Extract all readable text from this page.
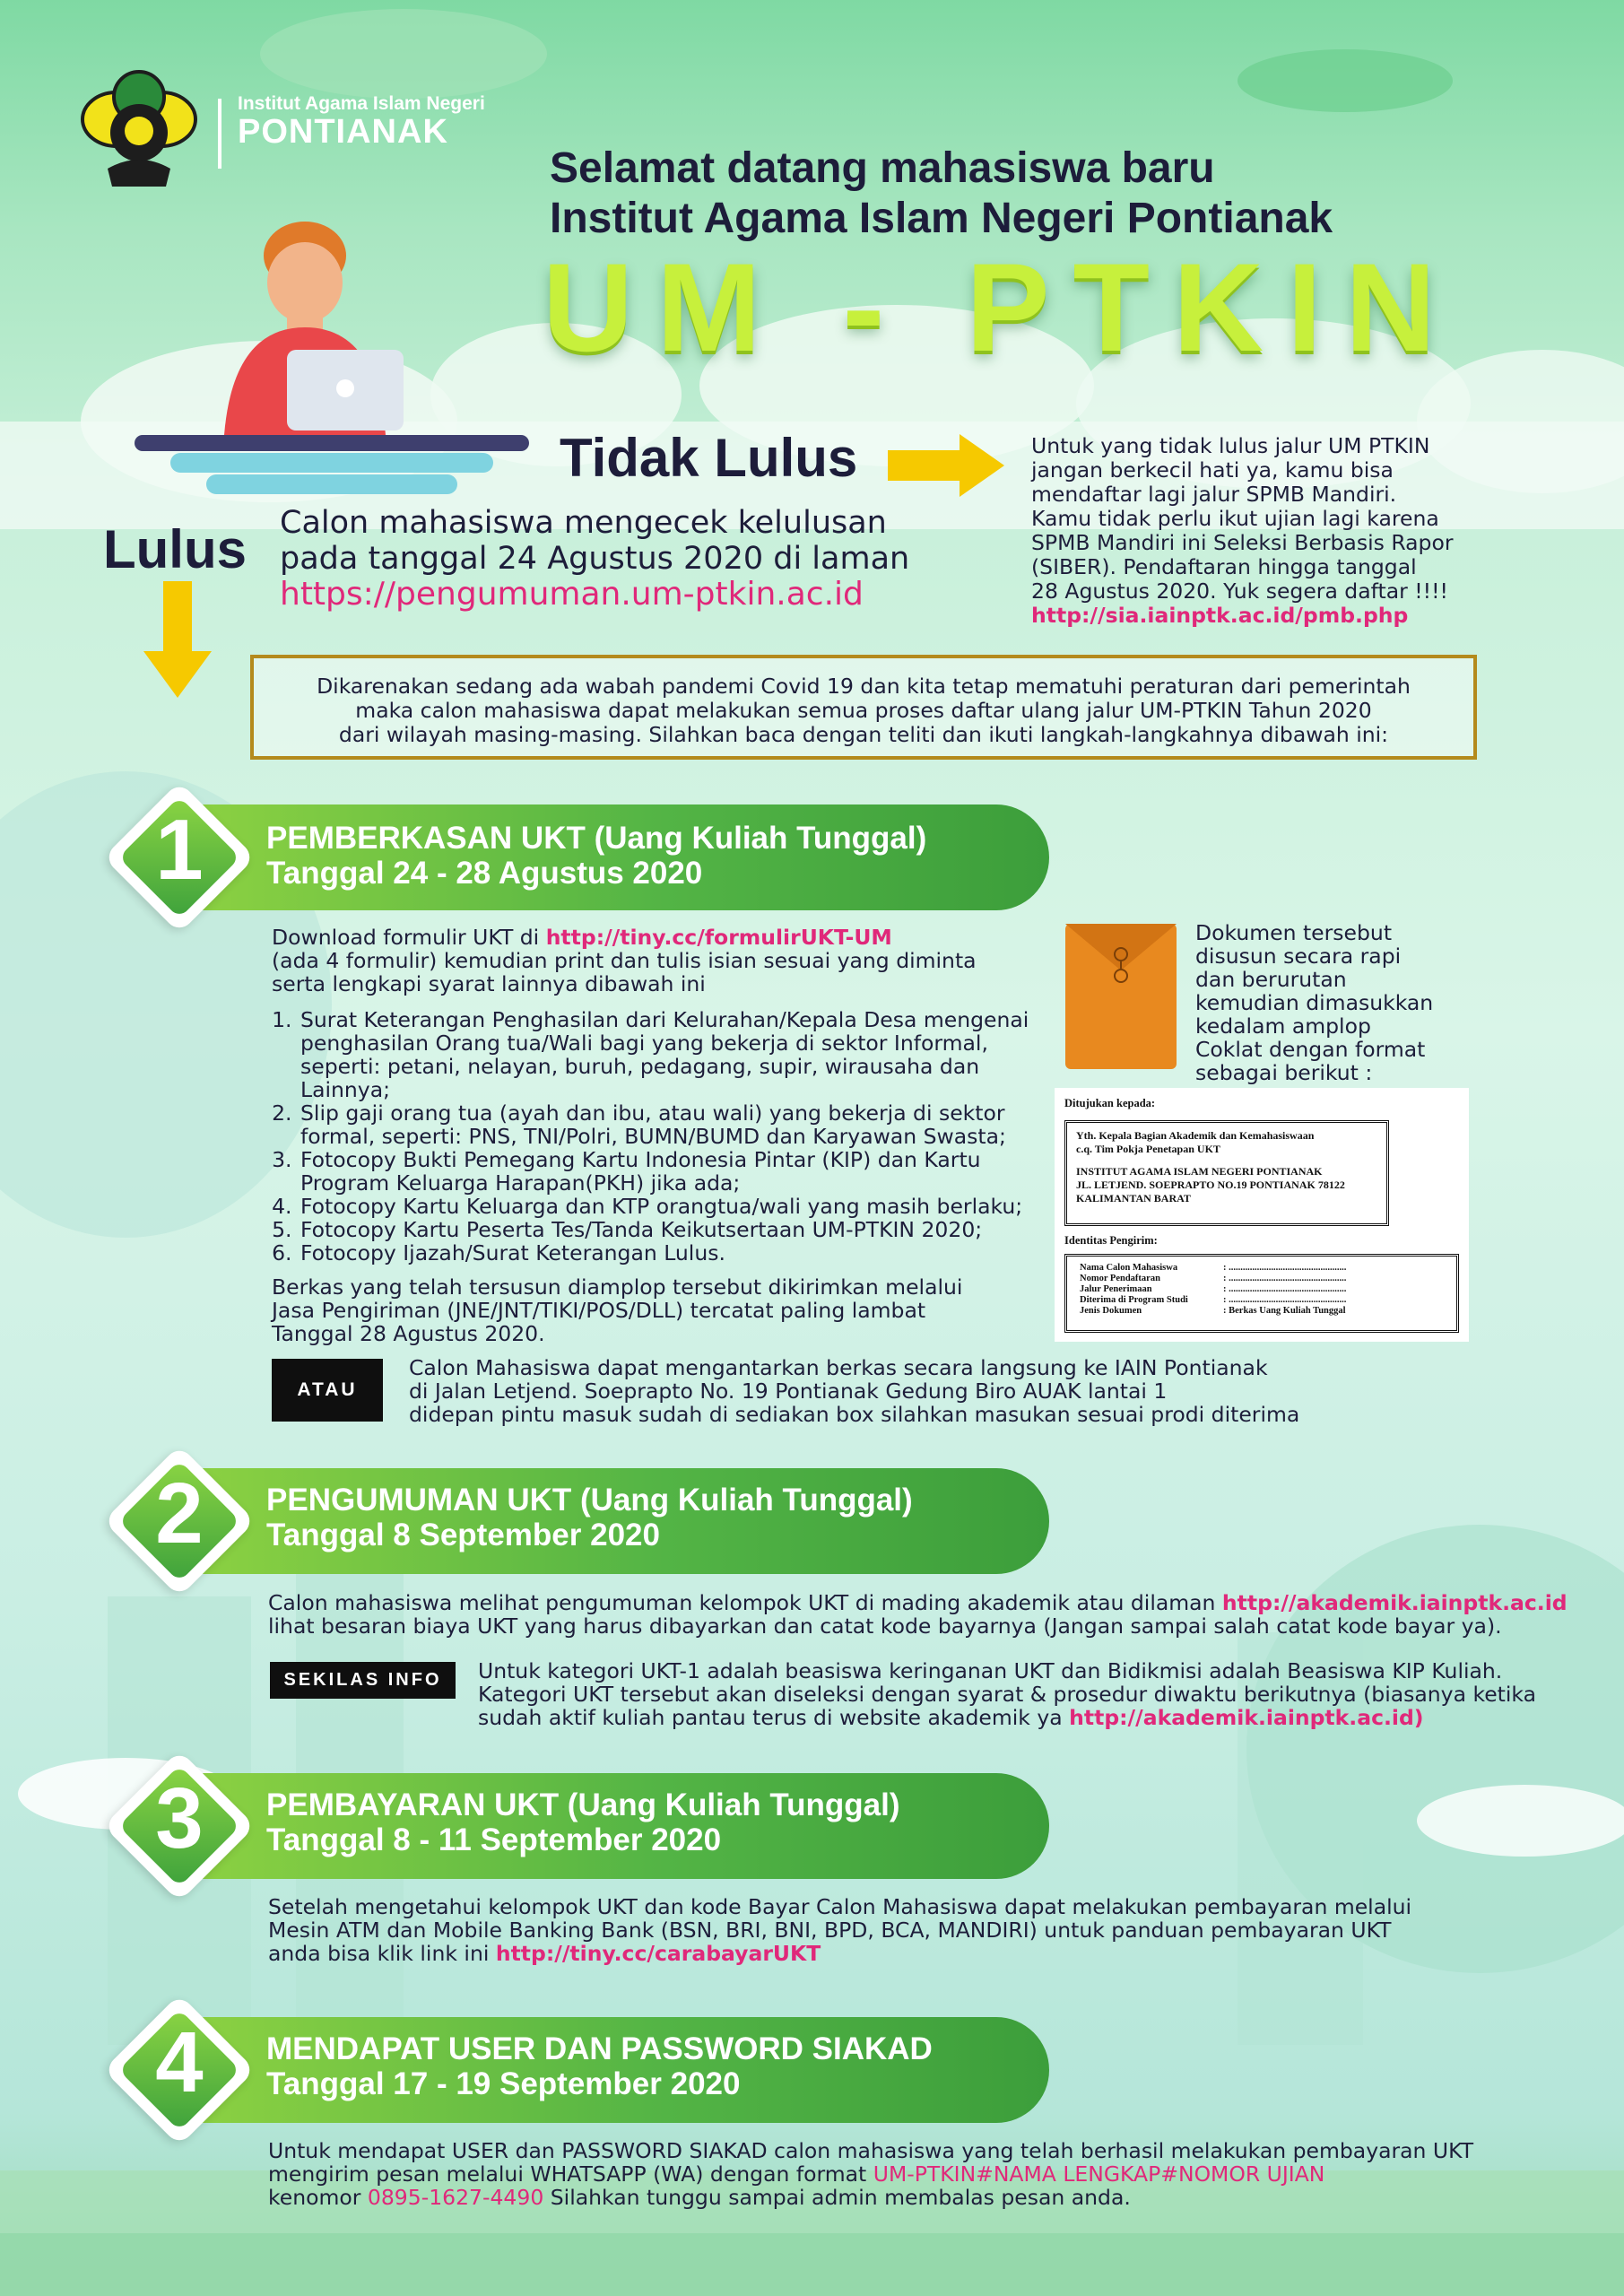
Institut Agama Islam Negeri
PONTIANAK
Selamat datang mahasiswa baru
Institut Agama Islam Negeri Pontianak
UM - PTKIN
Tidak Lulus	Untuk yang tidak lulus jalur UM PTKIN
jangan berkecil hati ya, kamu bisa
mendaftar lagi jalur SPMB Mandiri.
Kamu tidak perlu ikut ujian lagi karena
SPMB Mandiri ini Seleksi Berbasis Rapor
(SIBER). Pendaftaran hingga tanggal
28 Agustus 2020. Yuk segera daftar !!!!
http://sia.iainptk.ac.id/pmb.php
Lulus Calon mahasiswa mengecek kelulusan
pada tanggal 24 Agustus 2020 di laman
https://pengumuman.um-ptkin.ac.id
Dikarenakan sedang ada wabah pandemi Covid 19 dan kita tetap mematuhi peraturan dari pemerintah
maka calon mahasiswa dapat melakukan semua proses daftar ulang jalur UM-PTKIN Tahun 2020
dari wilayah masing-masing. Silahkan baca dengan teliti dan ikuti langkah-langkahnya dibawah ini:
1	PEMBERKASAN UKT (Uang Kuliah Tunggal)
Tanggal 24 - 28 Agustus 2020
Download formulir UKT di http://tiny.cc/formulirUKT-UM
(ada 4 formulir) kemudian print dan tulis isian sesuai yang diminta
serta lengkapi syarat lainnya dibawah ini
1. Surat Keterangan Penghasilan dari Kelurahan/Kepala Desa mengenai penghasilan Orang tua/Wali bagi yang bekerja di sektor Informal, seperti: petani, nelayan, buruh, pedagang, supir, wirausaha dan Lainnya;
2. Slip gaji orang tua (ayah dan ibu, atau wali) yang bekerja di sektor formal, seperti: PNS, TNI/Polri, BUMN/BUMD dan Karyawan Swasta;
3. Fotocopy Bukti Pemegang Kartu Indonesia Pintar (KIP) dan Kartu Program Keluarga Harapan(PKH) jika ada;
4. Fotocopy Kartu Keluarga dan KTP orangtua/wali yang masih berlaku;
5. Fotocopy Kartu Peserta Tes/Tanda Keikutsertaan UM-PTKIN 2020;
6. Fotocopy Ijazah/Surat Keterangan Lulus.
Berkas yang telah tersusun diamplop tersebut dikirimkan melalui
Jasa Pengiriman (JNE/JNT/TIKI/POS/DLL) tercatat paling lambat
Tanggal 28 Agustus 2020.
ATAU
Calon Mahasiswa dapat mengantarkan berkas secara langsung ke IAIN Pontianak
di Jalan Letjend. Soeprapto No. 19 Pontianak Gedung Biro AUAK lantai 1
didepan pintu masuk sudah di sediakan box silahkan masukan sesuai prodi diterima
Dokumen tersebut
disusun secara rapi
dan berurutan
kemudian dimasukkan
kedalam amplop
Coklat dengan format
sebagai berikut :
Ditujukan kepada:
Yth. Kepala Bagian Akademik dan Kemahasiswaan
c.q. Tim Pokja Penetapan UKT
INSTITUT AGAMA ISLAM NEGERI PONTIANAK
JL. LETJEND. SOEPRAPTO NO.19 PONTIANAK 78122
KALIMANTAN BARAT
Identitas Pengirim:
Nama Calon Mahasiswa	: ..................................................
Nomor Pendaftaran	: ..................................................
Jalur Penerimaan	: ..................................................
Diterima di Program Studi	: ..................................................
Jenis Dokumen	: Berkas Uang Kuliah Tunggal
2	PENGUMUMAN UKT (Uang Kuliah Tunggal)
Tanggal 8 September 2020
Calon mahasiswa melihat pengumuman kelompok UKT di mading akademik atau dilaman http://akademik.iainptk.ac.id
lihat besaran biaya UKT yang harus dibayarkan dan catat kode bayarnya (Jangan sampai salah catat kode bayar ya).
SEKILAS INFO	Untuk kategori UKT-1 adalah beasiswa keringanan UKT dan Bidikmisi adalah Beasiswa KIP Kuliah.
Kategori UKT tersebut akan diseleksi dengan syarat & prosedur diwaktu berikutnya (biasanya ketika
sudah aktif kuliah pantau terus di website akademik ya http://akademik.iainptk.ac.id)
3	PEMBAYARAN UKT (Uang Kuliah Tunggal)
Tanggal 8 - 11 September 2020
Setelah mengetahui kelompok UKT dan kode Bayar Calon Mahasiswa dapat melakukan pembayaran melalui
Mesin ATM dan Mobile Banking Bank (BSN, BRI, BNI, BPD, BCA, MANDIRI) untuk panduan pembayaran UKT
anda bisa klik link ini http://tiny.cc/carabayarUKT
4	MENDAPAT USER DAN PASSWORD SIAKAD
Tanggal 17 - 19 September 2020
Untuk mendapat USER dan PASSWORD SIAKAD calon mahasiswa yang telah berhasil melakukan pembayaran UKT
mengirim pesan melalui WHATSAPP (WA) dengan format UM-PTKIN#NAMA LENGKAP#NOMOR UJIAN
kenomor 0895-1627-4490 Silahkan tunggu sampai admin membalas pesan anda.
